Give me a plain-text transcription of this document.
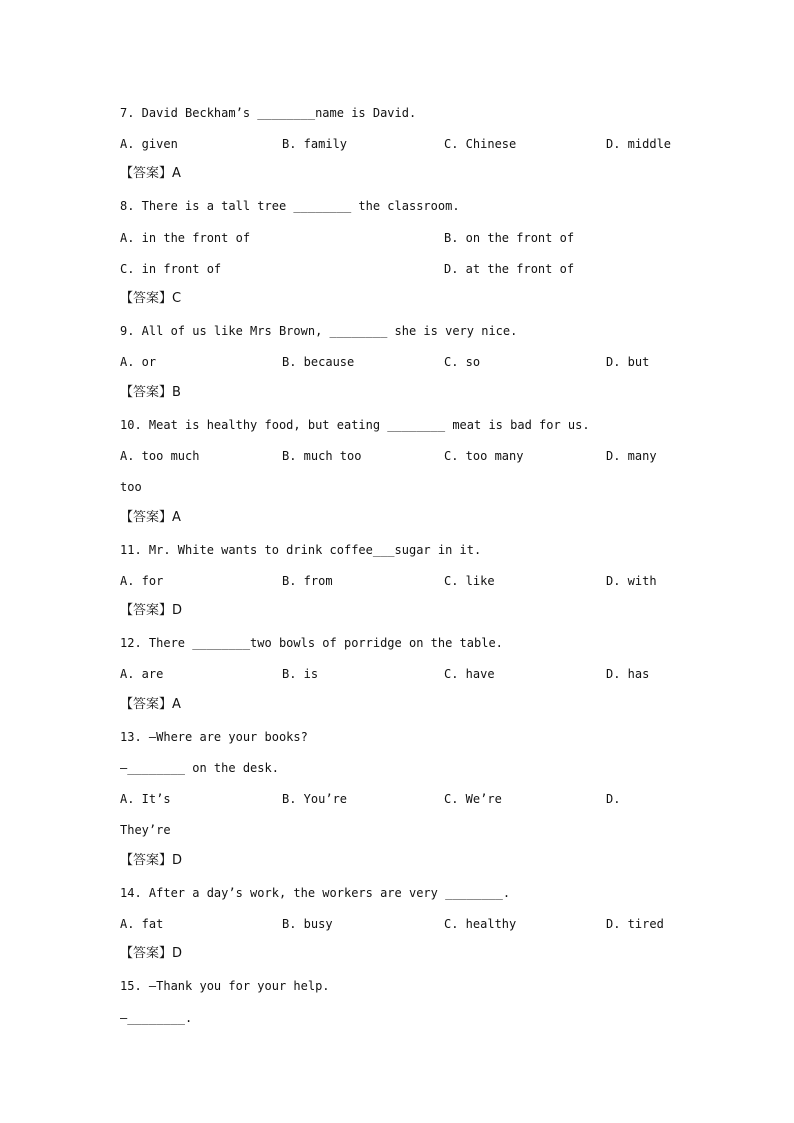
7. David Beckham’s ________name is David.
A. given	B. family	C. Chinese	D. middle
【答案】A
8. There is a tall tree ________ the classroom.
A. in the front of	B. on the front of
C. in front of	D. at the front of
【答案】C
9. All of us like Mrs Brown, ________ she is very nice.
A. or	B. because	C. so	D. but
【答案】B
10. Meat is healthy food, but eating ________ meat is bad for us.
A. too much	B. much too	C. too many	D. many
too
【答案】A
11. Mr. White wants to drink coffee___sugar in it.
A. for	B. from	C. like	D. with
【答案】D
12. There ________two bowls of porridge on the table.
A. are	B. is	C. have	D. has
【答案】A
13. —Where are your books?
—________ on the desk.
A. It’s	B. You’re	C. We’re	D.
They’re
【答案】D
14. After a day’s work, the workers are very ________.
A. fat	B. busy	C. healthy	D. tired
【答案】D
15. —Thank you for your help.
—________.
